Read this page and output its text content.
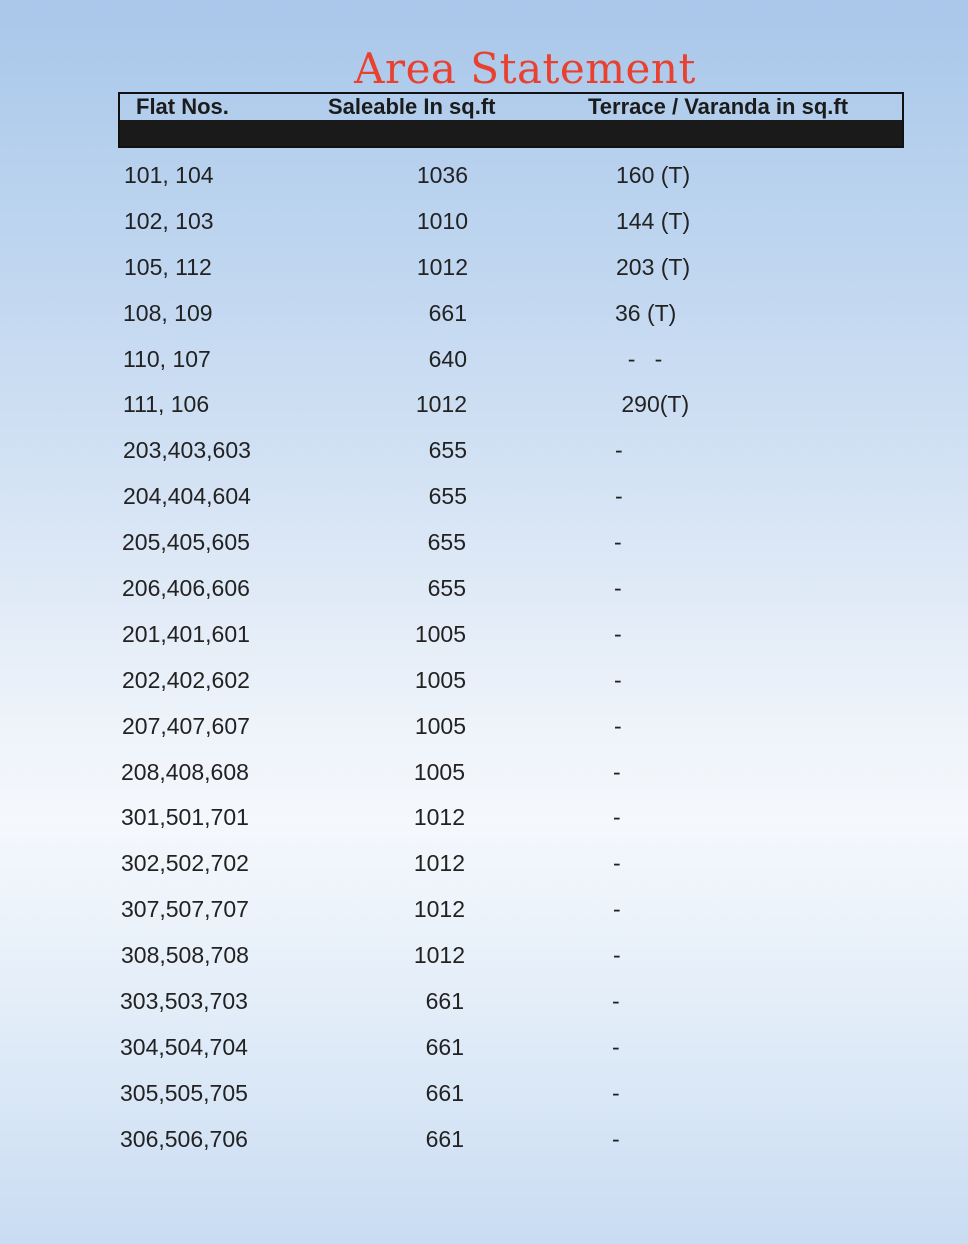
Area Statement
Flat Nos.	Saleable In sq.ft	Terrace / Varanda in sq.ft
101, 104	1036	160 (T)
102, 103	1010	144 (T)
105, 112	1012	203 (T)
108, 109	661	36 (T)
110, 107	640	-   -
111, 106	1012	290(T)
203,403,603	655	-
204,404,604	655	-
205,405,605	655	-
206,406,606	655	-
201,401,601	1005	-
202,402,602	1005	-
207,407,607	1005	-
208,408,608	1005	-
301,501,701	1012	-
302,502,702	1012	-
307,507,707	1012	-
308,508,708	1012	-
303,503,703	661	-
304,504,704	661	-
305,505,705	661	-
306,506,706	661	-
